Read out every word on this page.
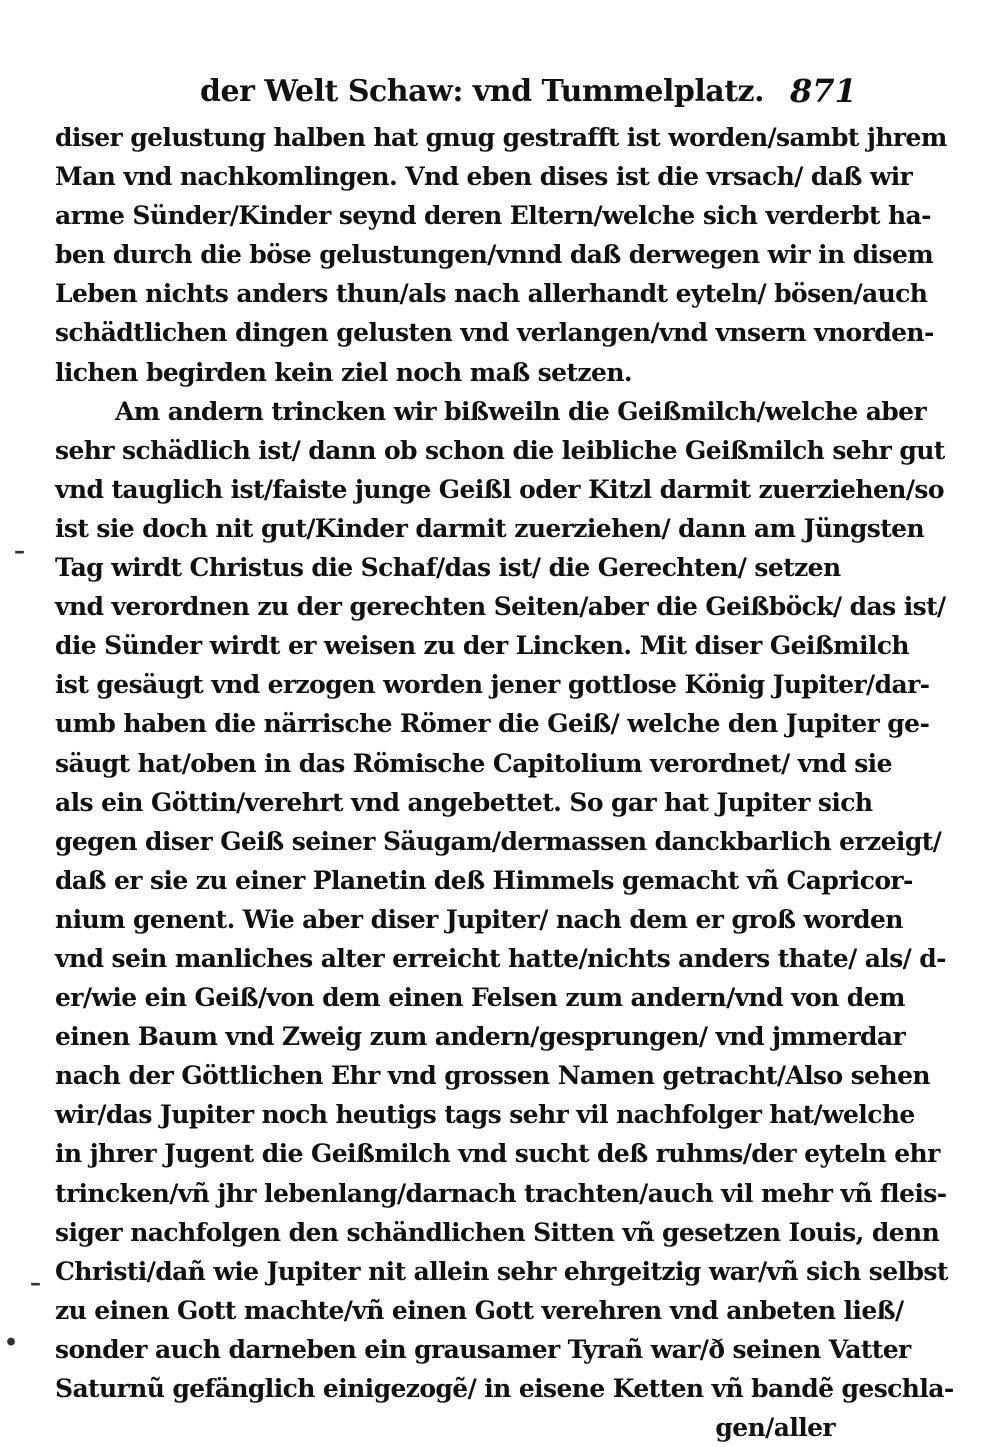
der Welt Schaw: vnd Tummelplatz. 871
diser gelustung halben hat gnug gestrafft ist worden/sambt jhrem
Man vnd nachkomlingen. Vnd eben dises ist die vrsach/ daß wir
arme Sünder/Kinder seynd deren Eltern/welche sich verderbt ha-
ben durch die böse gelustungen/vnnd daß derwegen wir in disem
Leben nichts anders thun/als nach allerhandt eyteln/ bösen/auch
schädtlichen dingen gelusten vnd verlangen/vnd vnsern vnorden-
lichen begirden kein ziel noch maß setzen.
Am andern trincken wir bißweiln die Geißmilch/welche aber
sehr schädlich ist/ dann ob schon die leibliche Geißmilch sehr gut
vnd tauglich ist/faiste junge Geißl oder Kitzl darmit zuerziehen/so
ist sie doch nit gut/Kinder darmit zuerziehen/ dann am Jüngsten
Tag wirdt Christus die Schaf/das ist/ die Gerechten/ setzen
vnd verordnen zu der gerechten Seiten/aber die Geißböck/ das ist/
die Sünder wirdt er weisen zu der Lincken. Mit diser Geißmilch
ist gesäugt vnd erzogen worden jener gottlose König Jupiter/dar-
umb haben die närrische Römer die Geiß/ welche den Jupiter ge-
säugt hat/oben in das Römische Capitolium verordnet/ vnd sie
als ein Göttin/verehrt vnd angebettet. So gar hat Jupiter sich
gegen diser Geiß seiner Säugam/dermassen danckbarlich erzeigt/
daß er sie zu einer Planetin deß Himmels gemacht vñ Capricor-
nium genent. Wie aber diser Jupiter/ nach dem er groß worden
vnd sein manliches alter erreicht hatte/nichts anders thate/ als/ d-
er/wie ein Geiß/von dem einen Felsen zum andern/vnd von dem
einen Baum vnd Zweig zum andern/gesprungen/ vnd jmmerdar
nach der Göttlichen Ehr vnd grossen Namen getracht/Also sehen
wir/das Jupiter noch heutigs tags sehr vil nachfolger hat/welche
in jhrer Jugent die Geißmilch vnd sucht deß ruhms/der eyteln ehr
trincken/vñ jhr lebenlang/darnach trachten/auch vil mehr vñ fleis-
siger nachfolgen den schändlichen Sitten vñ gesetzen Iouis, denn
Christi/dañ wie Jupiter nit allein sehr ehrgeitzig war/vñ sich selbst
zu einen Gott machte/vñ einen Gott verehren vnd anbeten ließ/
sonder auch darneben ein grausamer Tyrañ war/ð seinen Vatter
Saturnũ gefänglich einigezogẽ/ in eisene Ketten vñ bandẽ geschla-
gen/aller
–
–
•
